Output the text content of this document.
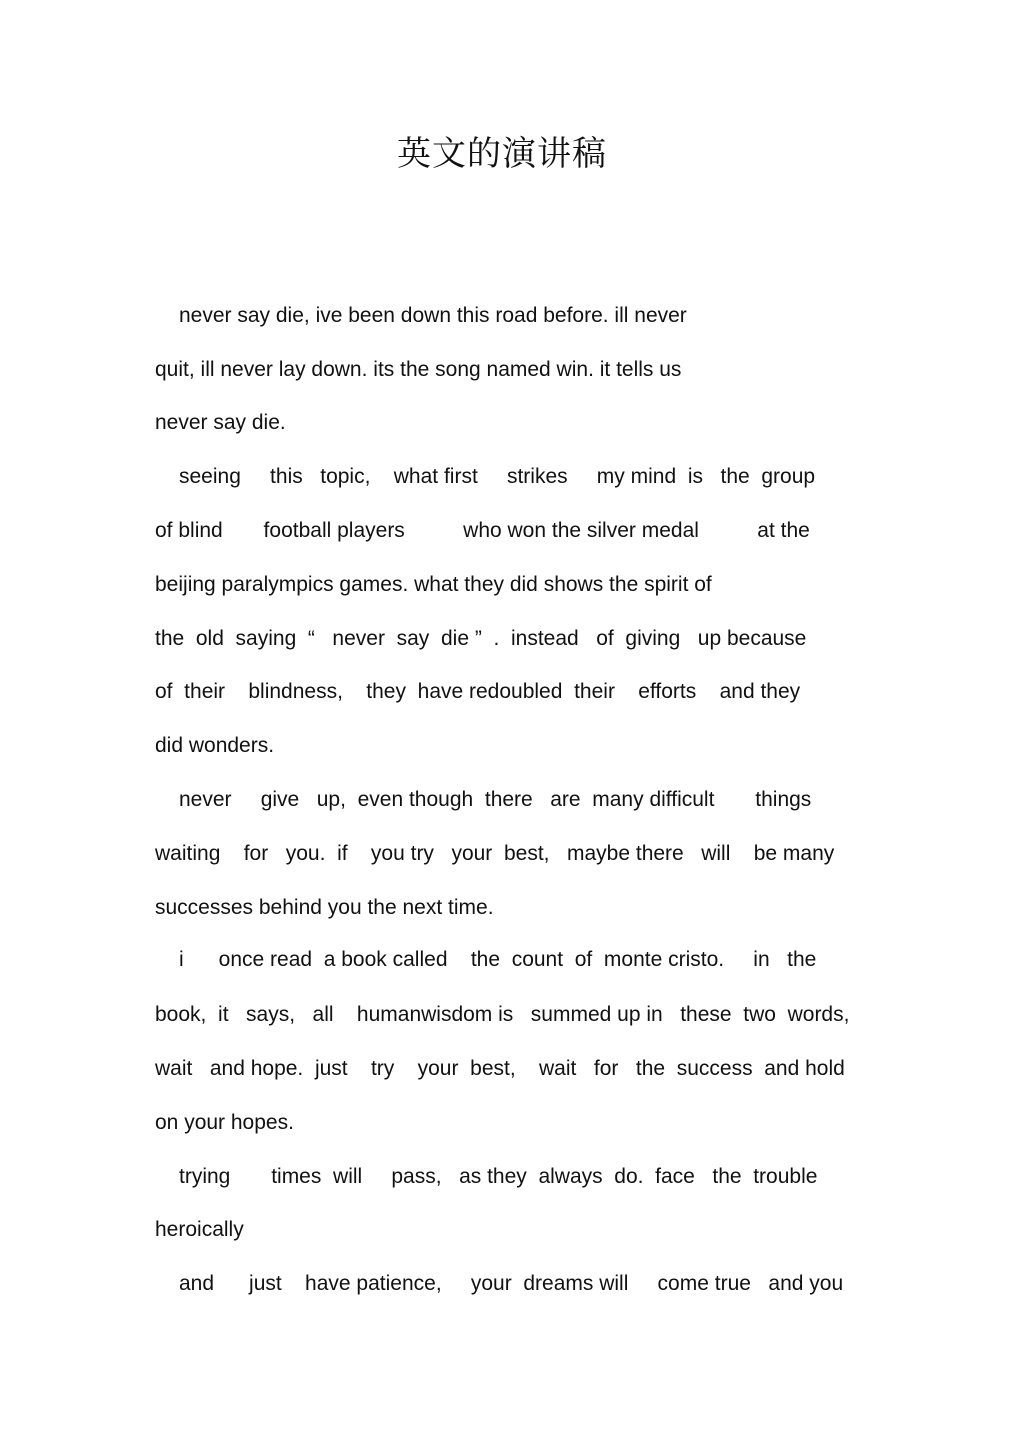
英文的演讲稿
never say die, ive been down this road before. ill never
quit, ill never lay down. its the song named win. it tells us
never say die.
seeing     this   topic,    what first     strikes     my mind  is   the  group
of blind       football players          who won the silver medal          at the
beijing paralympics games. what they did shows the spirit of
the  old  saying  “   never  say  die ”  .  instead   of  giving   up because
of  their    blindness,    they  have redoubled  their    efforts    and they
did wonders.
never     give   up,  even though  there   are  many difficult       things
waiting    for   you.  if    you try   your  best,   maybe there   will    be many
successes behind you the next time.
i      once read  a book called    the  count  of  monte cristo.     in   the
book,  it   says,   all    humanwisdom is   summed up in   these  two  words,
wait   and hope.  just    try    your  best,    wait   for   the  success  and hold
on your hopes.
trying       times  will     pass,   as they  always  do.  face   the  trouble
heroically
and      just    have patience,     your  dreams will     come true   and you
